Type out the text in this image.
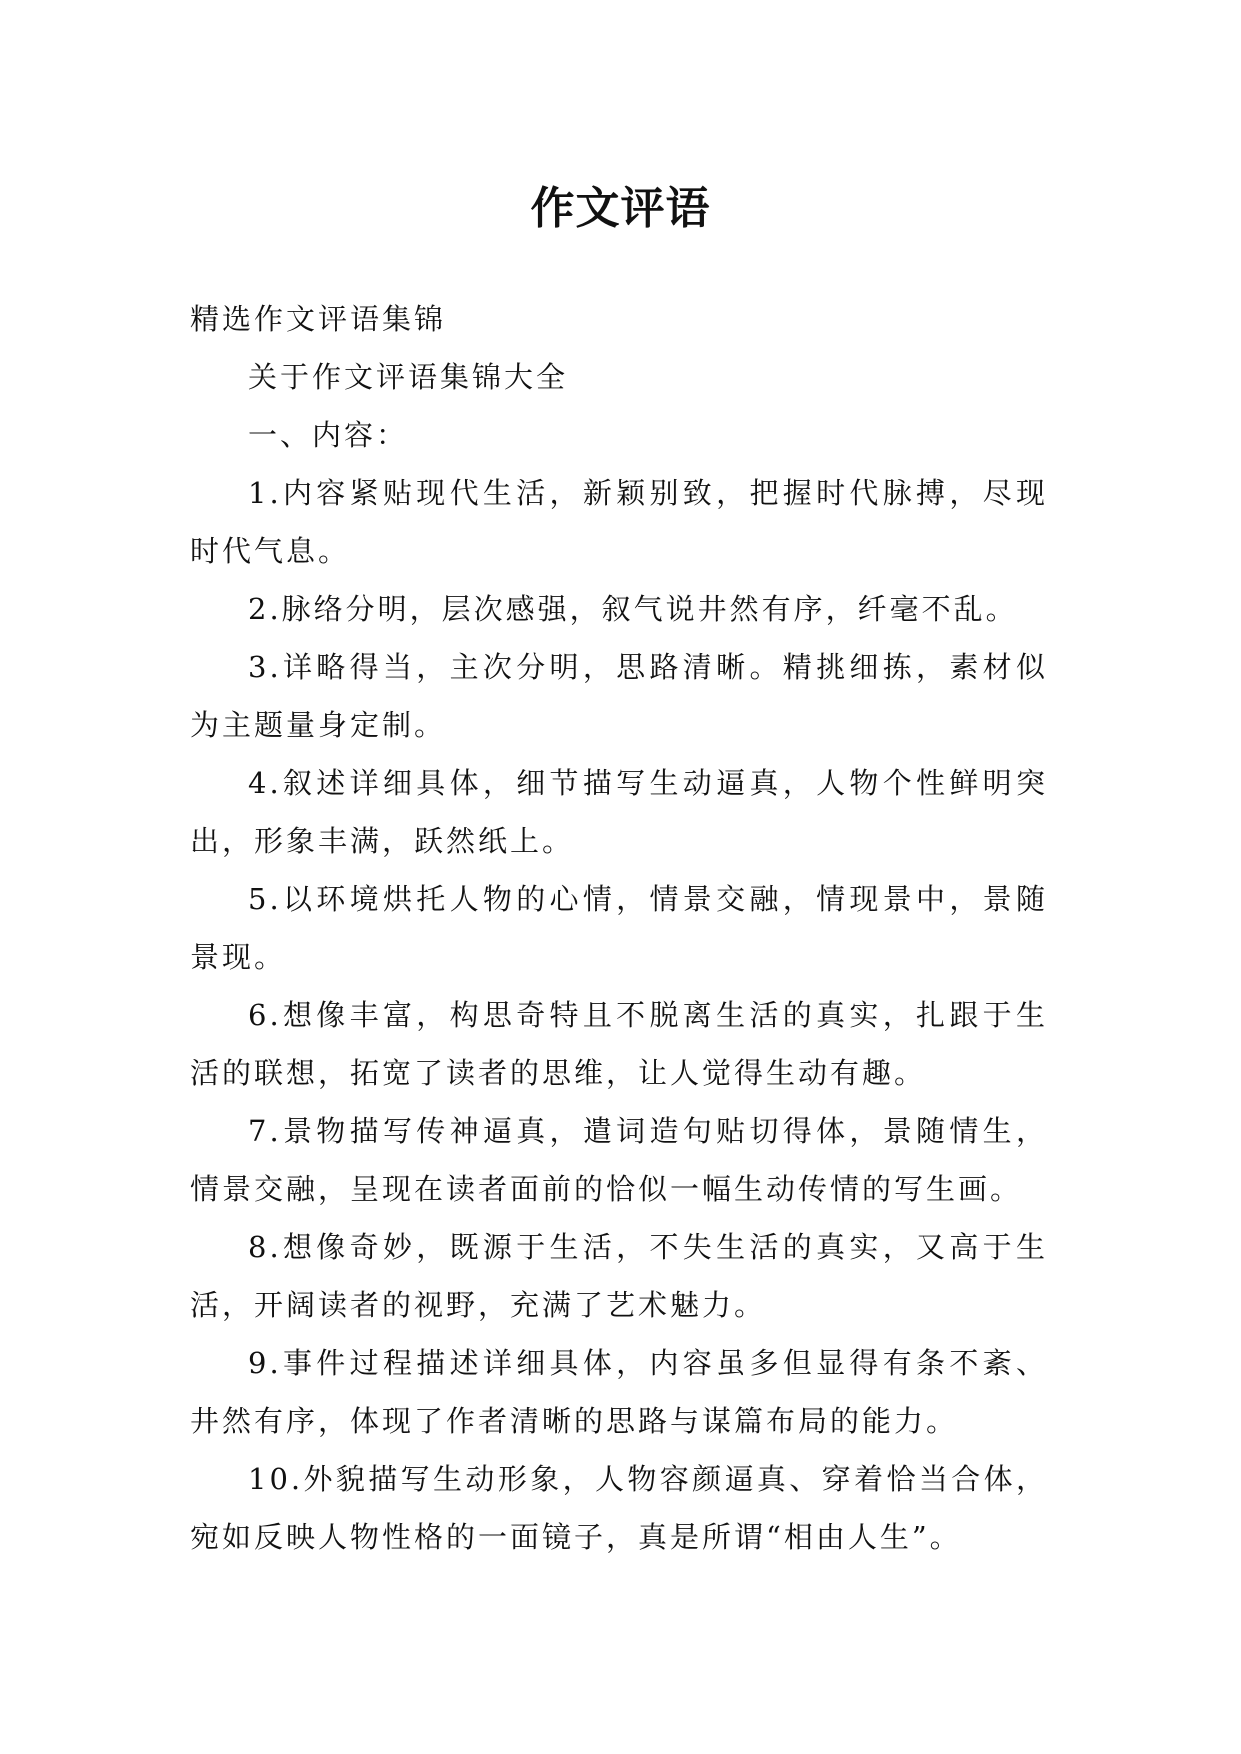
作文评语

精选作文评语集锦

关于作文评语集锦大全

一、内容：

1.内容紧贴现代生活，新颖别致，把握时代脉搏，尽现时代气息。

2.脉络分明，层次感强，叙气说井然有序，纤毫不乱。

3.详略得当，主次分明，思路清晰。精挑细拣，素材似为主题量身定制。

4.叙述详细具体，细节描写生动逼真，人物个性鲜明突出，形象丰满，跃然纸上。

5.以环境烘托人物的心情，情景交融，情现景中，景随景现。

6.想像丰富，构思奇特且不脱离生活的真实，扎跟于生活的联想，拓宽了读者的思维，让人觉得生动有趣。

7.景物描写传神逼真，遣词造句贴切得体，景随情生，情景交融，呈现在读者面前的恰似一幅生动传情的写生画。

8.想像奇妙，既源于生活，不失生活的真实，又高于生活，开阔读者的视野，充满了艺术魅力。

9.事件过程描述详细具体，内容虽多但显得有条不紊、井然有序，体现了作者清晰的思路与谋篇布局的能力。

10.外貌描写生动形象，人物容颜逼真、穿着恰当合体，宛如反映人物性格的一面镜子，真是所谓“相由人生”。
